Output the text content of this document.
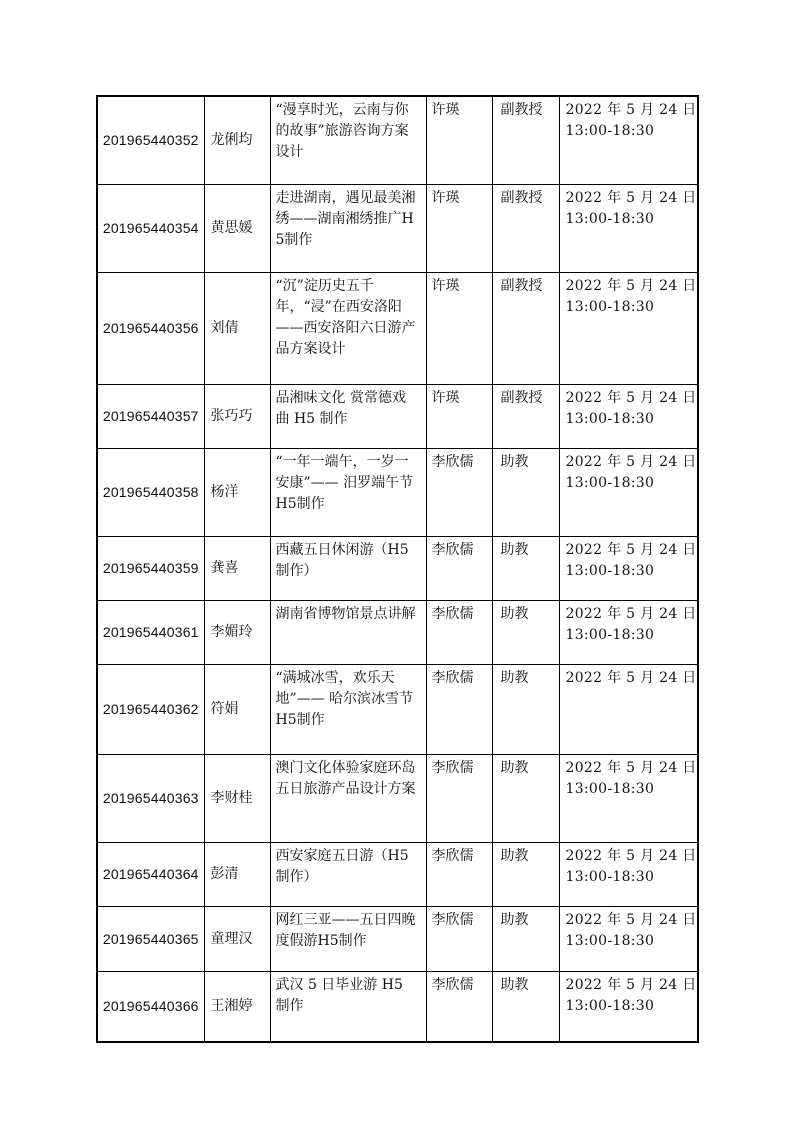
201965440352	龙俐均	“漫享时光，云南与你的故事”旅游咨询方案设计	许瑛	副教授	2022 年 5 月 24 日
13:00-18:30

201965440354	黄思媛	走进湖南，遇见最美湘绣——湖南湘绣推广H5制作	许瑛	副教授	2022 年 5 月 24 日
13:00-18:30

201965440356	刘倩	“沉”淀历史五千年，“浸”在西安洛阳——西安洛阳六日游产品方案设计	许瑛	副教授	2022 年 5 月 24 日
13:00-18:30

201965440357	张巧巧	品湘味文化 赏常德戏曲 H5 制作	许瑛	副教授	2022 年 5 月 24 日
13:00-18:30

201965440358	杨洋	“一年一端午，一岁一安康”—— 汨罗端午节H5制作	李欣儒	助教	2022 年 5 月 24 日
13:00-18:30

201965440359	龚喜	西藏五日休闲游（H5制作）	李欣儒	助教	2022 年 5 月 24 日
13:00-18:30

201965440361	李媚玲	湖南省博物馆景点讲解	李欣儒	助教	2022 年 5 月 24 日
13:00-18:30

201965440362	符娟	“满城冰雪，欢乐天地”—— 哈尔滨冰雪节H5制作	李欣儒	助教	2022 年 5 月 24 日

201965440363	李财桂	澳门文化体验家庭环岛五日旅游产品设计方案	李欣儒	助教	2022 年 5 月 24 日
13:00-18:30

201965440364	彭清	西安家庭五日游（H5制作）	李欣儒	助教	2022 年 5 月 24 日
13:00-18:30

201965440365	童理汉	网红三亚——五日四晚度假游H5制作	李欣儒	助教	2022 年 5 月 24 日
13:00-18:30

201965440366	王湘婷	武汉 5 日毕业游 H5 制作	李欣儒	助教	2022 年 5 月 24 日
13:00-18:30
